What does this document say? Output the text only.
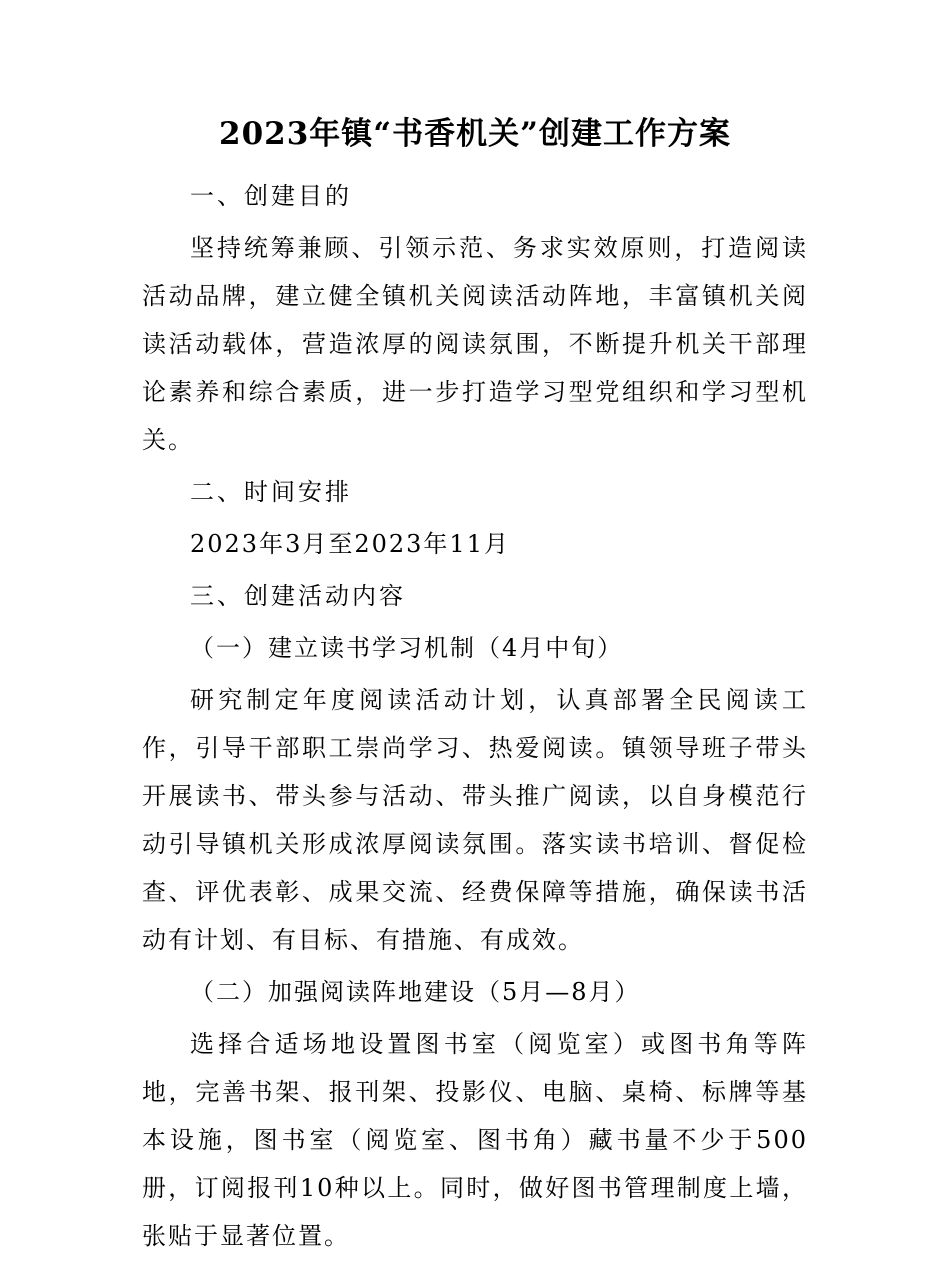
2023年镇“书香机关”创建工作方案

一、创建目的

坚持统筹兼顾、引领示范、务求实效原则，打造阅读活动品牌，建立健全镇机关阅读活动阵地，丰富镇机关阅读活动载体，营造浓厚的阅读氛围，不断提升机关干部理论素养和综合素质，进一步打造学习型党组织和学习型机关。

二、时间安排

2023年3月至2023年11月

三、创建活动内容

（一）建立读书学习机制（4月中旬）

研究制定年度阅读活动计划，认真部署全民阅读工作，引导干部职工崇尚学习、热爱阅读。镇领导班子带头开展读书、带头参与活动、带头推广阅读，以自身模范行动引导镇机关形成浓厚阅读氛围。落实读书培训、督促检查、评优表彰、成果交流、经费保障等措施，确保读书活动有计划、有目标、有措施、有成效。

（二）加强阅读阵地建设（5月—8月）

选择合适场地设置图书室（阅览室）或图书角等阵地，完善书架、报刊架、投影仪、电脑、桌椅、标牌等基本设施，图书室（阅览室、图书角）藏书量不少于500册，订阅报刊10种以上。同时，做好图书管理制度上墙，张贴于显著位置。
